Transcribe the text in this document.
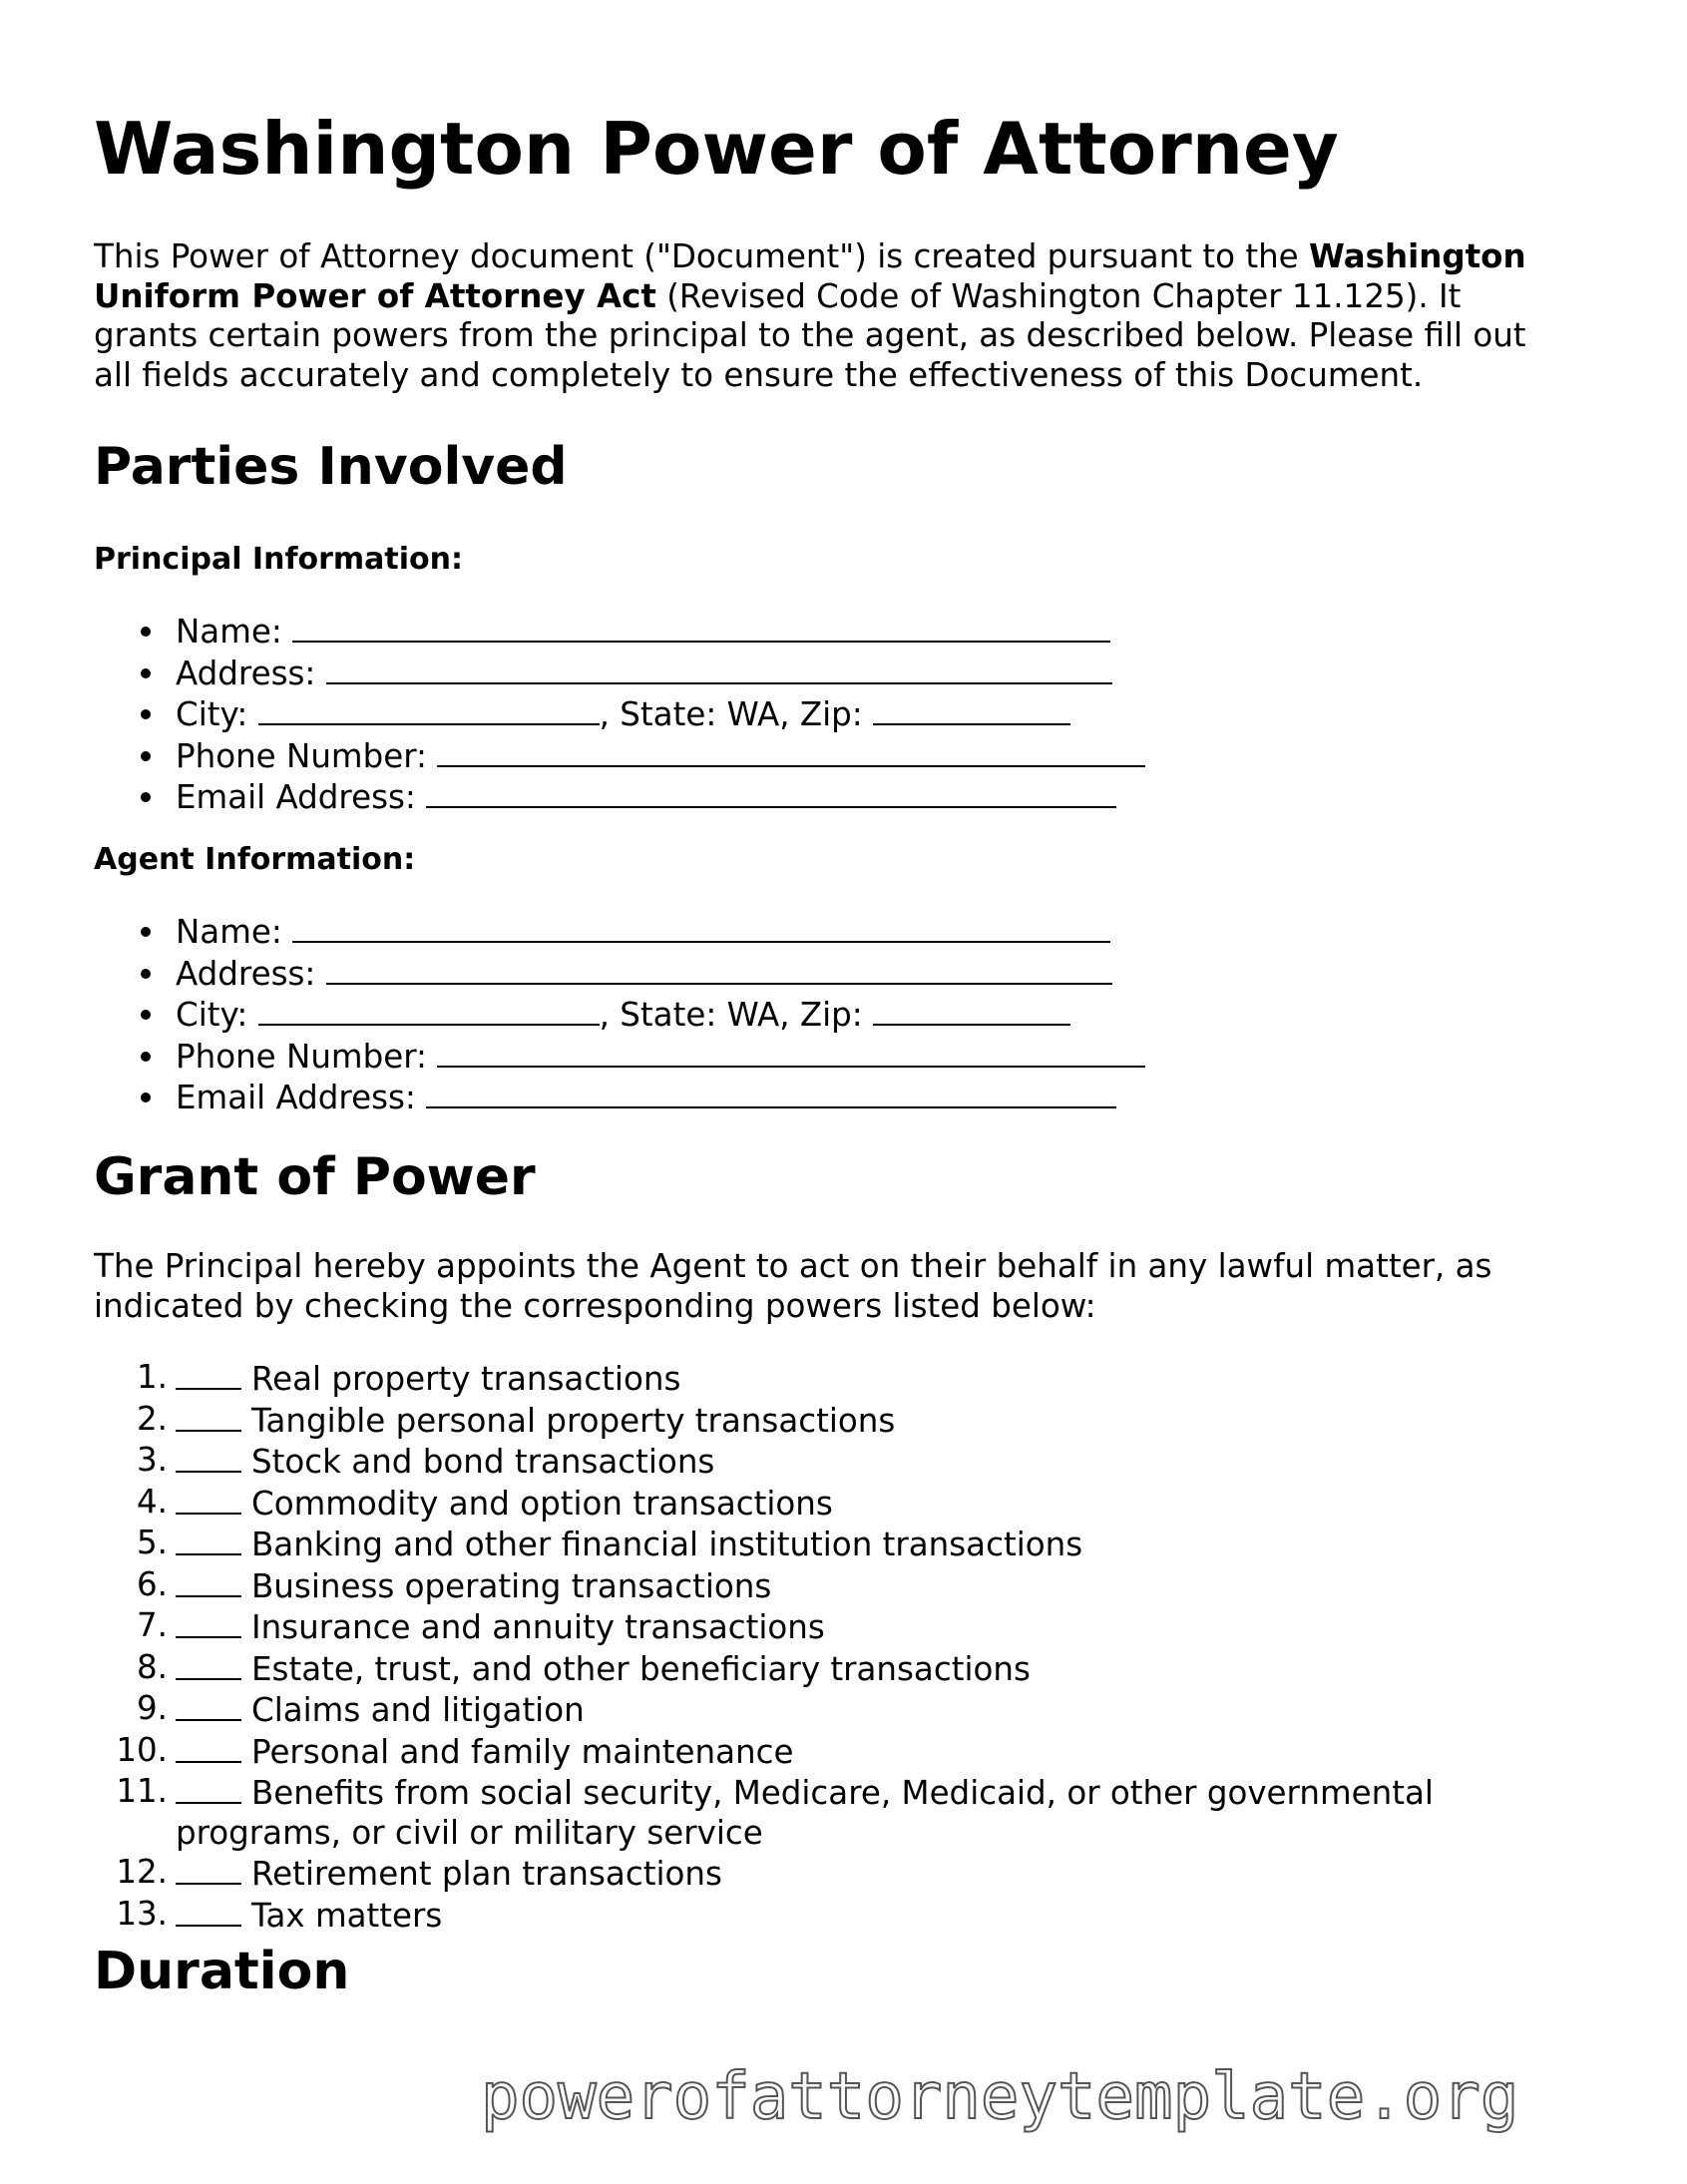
Washington Power of Attorney

This Power of Attorney document ("Document") is created pursuant to the Washington Uniform Power of Attorney Act (Revised Code of Washington Chapter 11.125). It grants certain powers from the principal to the agent, as described below. Please fill out all fields accurately and completely to ensure the effectiveness of this Document.

Parties Involved
Principal Information:
Name:
Address:
City:	, State: WA, Zip:
Phone Number:
Email Address:
Agent Information:
Name:
Address:
City:	, State: WA, Zip:
Phone Number:
Email Address:
Grant of Power

The Principal hereby appoints the Agent to act on their behalf in any lawful matter, as indicated by checking the corresponding powers listed below:

1.	Real property transactions
2.	Tangible personal property transactions
3.	Stock and bond transactions
4.	Commodity and option transactions
5.	Banking and other financial institution transactions
6.	Business operating transactions
7.	Insurance and annuity transactions
8.	Estate, trust, and other beneficiary transactions
9.	Claims and litigation
10.	Personal and family maintenance
11.	Benefits from social security, Medicare, Medicaid, or other governmental programs, or civil or military service
12.	Retirement plan transactions
13.	Tax matters
Duration
powerofattorneytemplate.org
